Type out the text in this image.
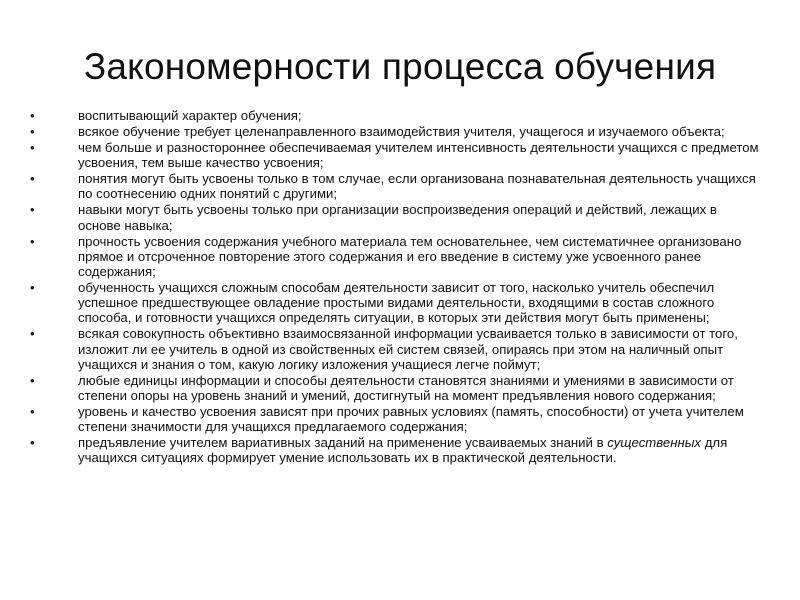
Закономерности процесса обучения
•	воспитывающий характер обучения;
•	всякое обучение требует целенаправленного взаимодействия учителя, учащегося и изучаемого объекта;
•	чем больше и разностороннее обеспечиваемая учителем интенсивность деятельности учащихся с предметом усвоения, тем выше качество усвоения;
•	понятия могут быть усвоены только в том случае, если организована познавательная деятельность учащихся по соотнесению одних понятий с другими;
•	навыки могут быть усвоены только при организации воспроизведения операций и действий, лежащих в основе навыка;
•	прочность усвоения содержания учебного материала тем основательнее, чем систематичнее организовано прямое и отсроченное повторение этого содержания и его введение в систему уже усвоенного ранее содержания;
•	обученность учащихся сложным способам деятельности зависит от того, насколько учитель обеспечил успешное предшествующее овладение простыми видами деятельности, входящими в состав сложного способа, и готовности учащихся определять ситуации, в которых эти действия могут быть применены;
•	всякая совокупность объективно взаимосвязанной информации усваивается только в зависимости от того, изложит ли ее учитель в одной из свойственных ей систем связей, опираясь при этом на наличный опыт учащихся и знания о том, какую логику изложения учащиеся легче поймут;
•	любые единицы информации и способы деятельности становятся знаниями и умениями в зависимости от степени опоры на уровень знаний и умений, достигнутый на момент предъявления нового содержания;
•	уровень и качество усвоения зависят при прочих равных условиях (память, способности) от учета учителем степени значимости для учащихся предлагаемого содержания;
•	предъявление учителем вариативных заданий на применение усваиваемых знаний в существенных для учащихся ситуациях формирует умение использовать их в практической деятельности.
